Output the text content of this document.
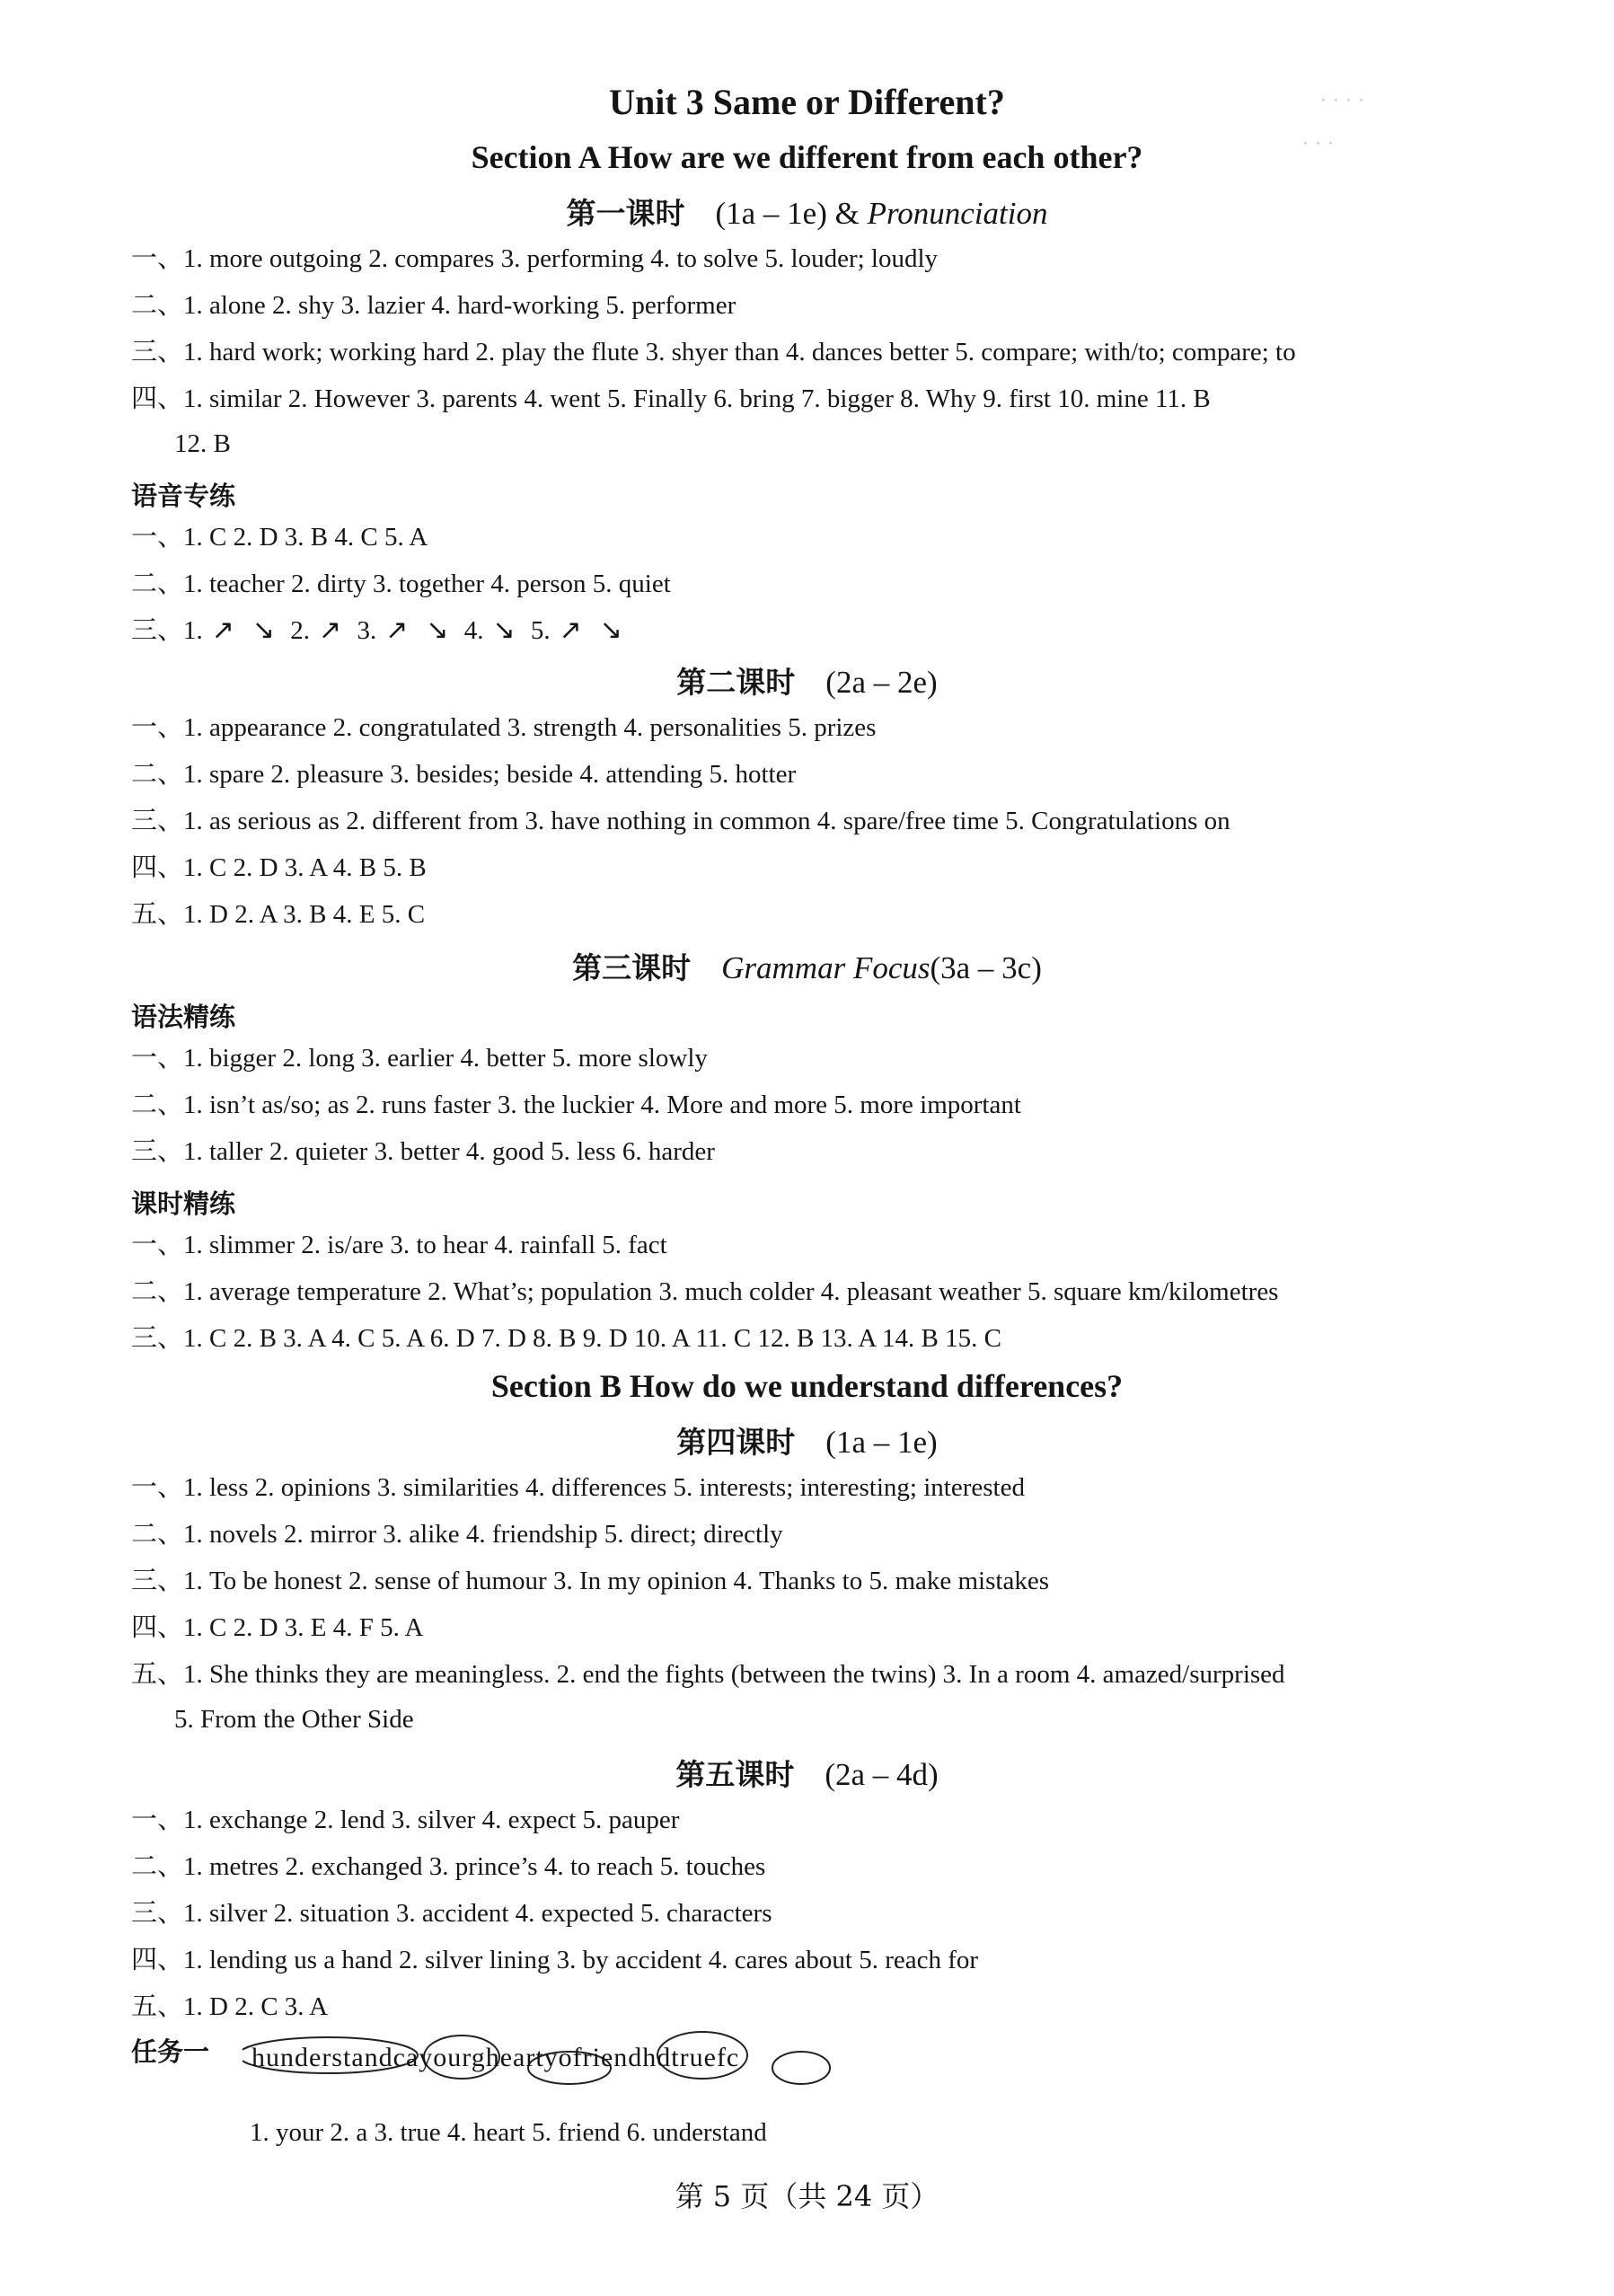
· · · ·
· · ·
Unit 3 Same or Different?
Section A How are we different from each other?
第一课时 (1a – 1e) & Pronunciation
一、1. more outgoing 2. compares 3. performing 4. to solve 5. louder; loudly
二、1. alone 2. shy 3. lazier 4. hard-working 5. performer
三、1. hard work; working hard 2. play the flute 3. shyer than 4. dances better 5. compare; with/to; compare; to
四、1. similar 2. However 3. parents 4. went 5. Finally 6. bring 7. bigger 8. Why 9. first 10. mine 11. B
12. B
语音专练
一、1. C 2. D 3. B 4. C 5. A
二、1. teacher 2. dirty 3. together 4. person 5. quiet
三、1. ↗ ↘ 2. ↗ 3. ↗ ↘ 4. ↘ 5. ↗ ↘
第二课时 (2a – 2e)
一、1. appearance 2. congratulated 3. strength 4. personalities 5. prizes
二、1. spare 2. pleasure 3. besides; beside 4. attending 5. hotter
三、1. as serious as 2. different from 3. have nothing in common 4. spare/free time 5. Congratulations on
四、1. C 2. D 3. A 4. B 5. B
五、1. D 2. A 3. B 4. E 5. C
第三课时 Grammar Focus(3a – 3c)
语法精练
一、1. bigger 2. long 3. earlier 4. better 5. more slowly
二、1. isn’t as/so; as 2. runs faster 3. the luckier 4. More and more 5. more important
三、1. taller 2. quieter 3. better 4. good 5. less 6. harder
课时精练
一、1. slimmer 2. is/are 3. to hear 4. rainfall 5. fact
二、1. average temperature 2. What’s; population 3. much colder 4. pleasant weather 5. square km/kilometres
三、1. C 2. B 3. A 4. C 5. A 6. D 7. D 8. B 9. D 10. A 11. C 12. B 13. A 14. B 15. C
Section B How do we understand differences?
第四课时 (1a – 1e)
一、1. less 2. opinions 3. similarities 4. differences 5. interests; interesting; interested
二、1. novels 2. mirror 3. alike 4. friendship 5. direct; directly
三、1. To be honest 2. sense of humour 3. In my opinion 4. Thanks to 5. make mistakes
四、1. C 2. D 3. E 4. F 5. A
五、1. She thinks they are meaningless. 2. end the fights (between the twins) 3. In a room 4. amazed/surprised
5. From the Other Side
第五课时 (2a – 4d)
一、1. exchange 2. lend 3. silver 4. expect 5. pauper
二、1. metres 2. exchanged 3. prince’s 4. to reach 5. touches
三、1. silver 2. situation 3. accident 4. expected 5. characters
四、1. lending us a hand 2. silver lining 3. by accident 4. cares about 5. reach for
五、1. D 2. C 3. A
任务一 hunderstandcayourgheartyofriendhdtruefc
1. your 2. a 3. true 4. heart 5. friend 6. understand
第 5 页（共 24 页）
